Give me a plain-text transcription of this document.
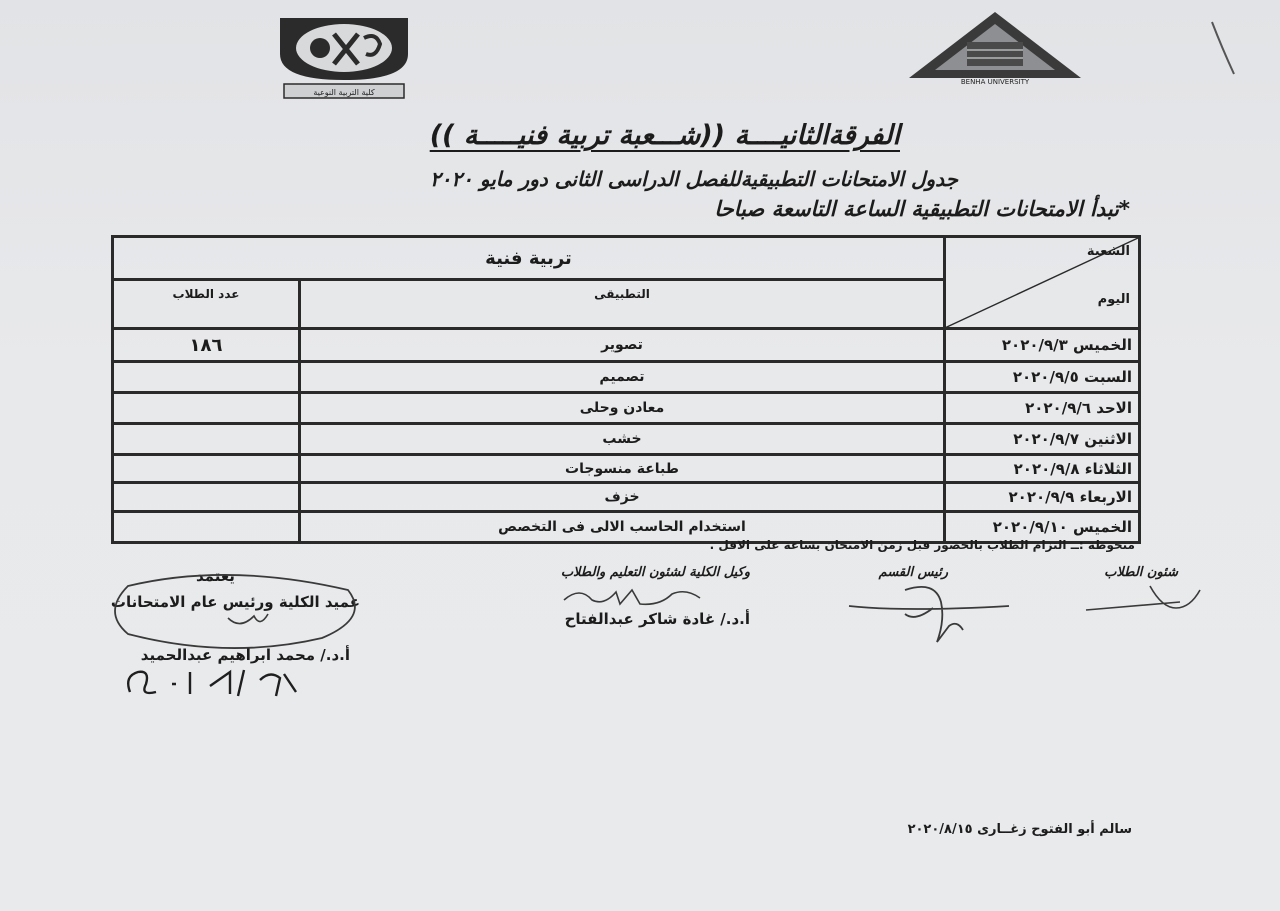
كلية التربية النوعية
BENHA UNIVERSITY
الفرقةالثانيــــة ((شـــعبة تربية فنيـــــة ))
جدول الامتحانات التطبيقيةللفصل الدراسى الثانى دور مايو ٢٠٢٠
*تبدأ الامتحانات التطبيقية الساعة التاسعة صباحا
الشعبة
اليوم	تربية فنية	
	التطبيقى	عدد الطلاب
الخميس ٢٠٢٠/٩/٣	تصوير	١٨٦
السبت ٢٠٢٠/٩/٥	تصميم	
الاحد ٢٠٢٠/٩/٦	معادن وحلى	
الاثنين ٢٠٢٠/٩/٧	خشب	
الثلاثاء ٢٠٢٠/٩/٨	طباعة منسوجات	
الاربعاء ٢٠٢٠/٩/٩	خزف	
الخميس ٢٠٢٠/٩/١٠	استخدام الحاسب الالى فى التخصص	
منحوظة :ــ التزام الطلاب بالحضور قبل زمن الامتحان بساعة على الاقل .
شئون الطلاب
رئيس القسم
وكيل الكلية لشئون التعليم والطلاب
أ.د./ غادة شاكر عبدالفتاح
يعتمد
عميد الكلية ورئيس عام الامتحانات
أ.د./ محمد ابراهيم عبدالحميد
سالم أبو الفتوح زغــارى ٢٠٢٠/٨/١٥
